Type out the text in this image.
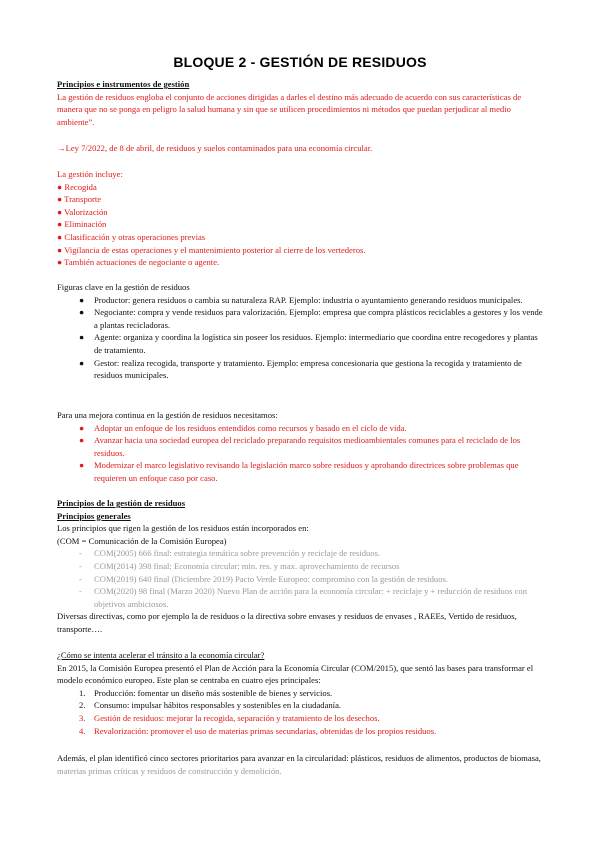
BLOQUE 2 - GESTIÓN DE RESIDUOS
Principios e instrumentos de gestión
La gestión de residuos engloba el conjunto de acciones dirigidas a darles el destino más adecuado de acuerdo con sus características de manera que no se ponga en peligro la salud humana y sin que se utilicen procedimientos ni métodos que puedan perjudicar al medio ambiente”.
→Ley 7/2022, de 8 de abril, de residuos y suelos contaminados para una economía circular.
La gestión incluye:
● Recogida
● Transporte
● Valorización
● Eliminación
● Clasificación y otras operaciones previas
● Vigilancia de estas operaciones y el mantenimiento posterior al cierre de los vertederos.
● También actuaciones de negociante o agente.
Figuras clave en la gestión de residuos
● Productor: genera residuos o cambia su naturaleza RAP. Ejemplo: industria o ayuntamiento generando residuos municipales.
● Negociante: compra y vende residuos para valorización. Ejemplo: empresa que compra plásticos reciclables a gestores y los vende a plantas recicladoras.
● Agente: organiza y coordina la logística sin poseer los residuos. Ejemplo: intermediario que coordina entre recogedores y plantas de tratamiento.
● Gestor: realiza recogida, transporte y tratamiento. Ejemplo: empresa concesionaria que gestiona la recogida y tratamiento de residuos municipales.
Para una mejora continua en la gestión de residuos necesitamos:
● Adoptar un enfoque de los residuos entendidos como recursos y basado en el ciclo de vida.
● Avanzar hacia una sociedad europea del reciclado preparando requisitos medioambientales comunes para el reciclado de los residuos.
● Modernizar el marco legislativo revisando la legislación marco sobre residuos y aprobando directrices sobre problemas que requieren un enfoque caso por caso.
Principios de la gestión de residuos
Principios generales
Los principios que rigen la gestión de los residuos están incorporados en:
(COM = Comunicación de la Comisión Europea)
- COM(2005) 666 final: estrategia temática sobre prevención y reciclaje de residuos.
- COM(2014) 398 final: Economía circular: min. res. y max. aprovechamiento de recursos
- COM(2019) 640 final (Diciembre 2019) Pacto Verde Europeo: compromiso con la gestión de residuos.
- COM(2020) 98 final (Marzo 2020) Nuevo Plan de acción para la economía circular: + reciclaje y + reducción de residuos con objetivos ambiciosos.
Diversas directivas, como por ejemplo la de residuos o la directiva sobre envases y residuos de envases , RAEEs, Vertido de residuos, transporte….
¿Cómo se intenta acelerar el tránsito a la economía circular?
En 2015, la Comisión Europea presentó el Plan de Acción para la Economía Circular (COM/2015), que sentó las bases para transformar el modelo económico europeo. Este plan se centraba en cuatro ejes principales:
1. Producción: fomentar un diseño más sostenible de bienes y servicios.
2. Consumo: impulsar hábitos responsables y sostenibles en la ciudadanía.
3. Gestión de residuos: mejorar la recogida, separación y tratamiento de los desechos.
4. Revalorización: promover el uso de materias primas secundarias, obtenidas de los propios residuos.
Además, el plan identificó cinco sectores prioritarios para avanzar en la circularidad: plásticos, residuos de alimentos, productos de biomasa, materias primas críticas y residuos de construcción y demolición.
